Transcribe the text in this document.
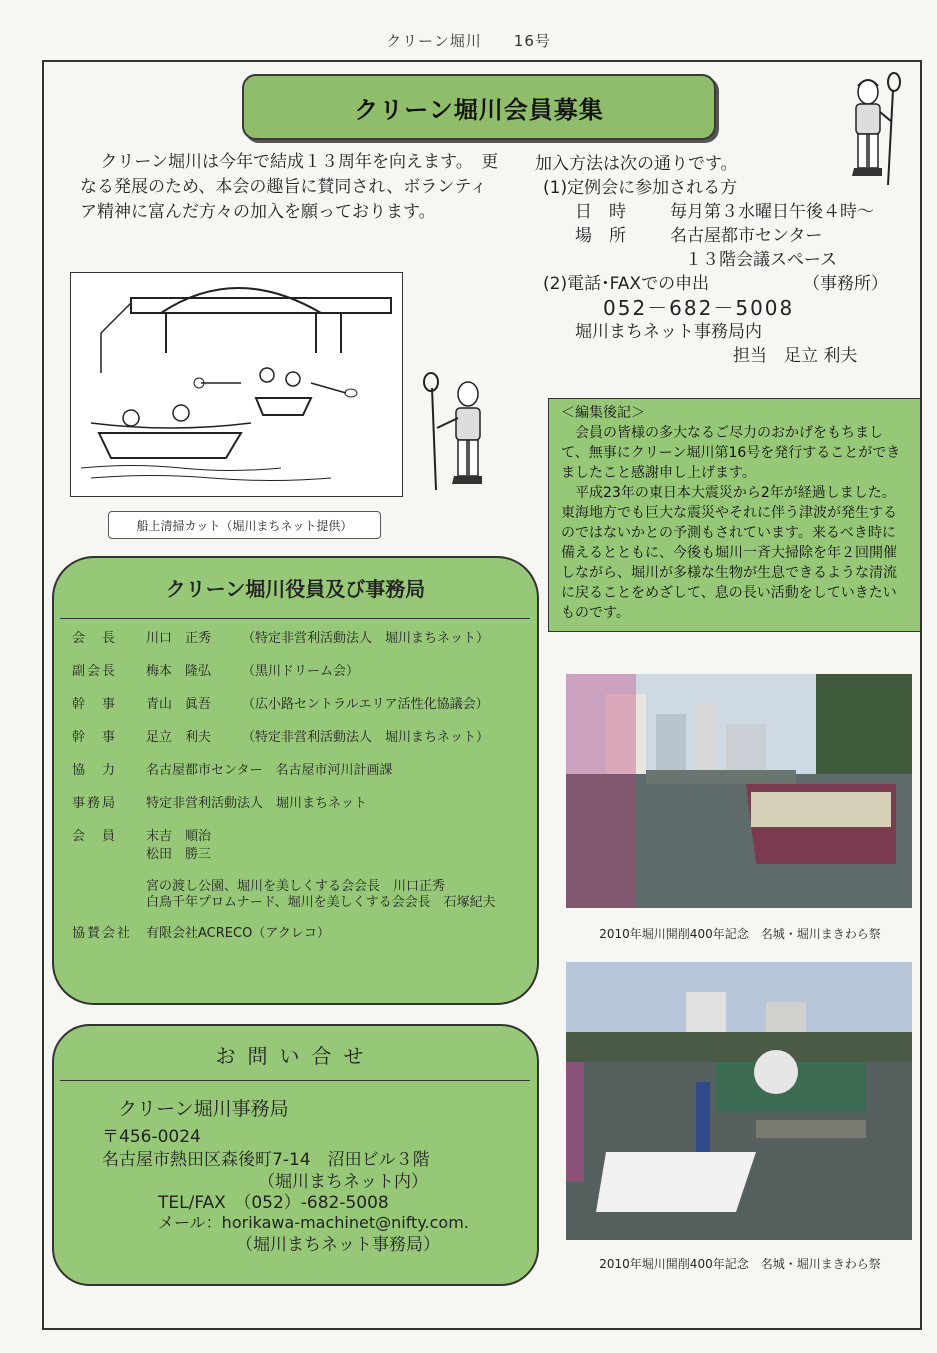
クリーン堀川　　16号
クリーン堀川会員募集
クリーン堀川は今年で結成１３周年を向えます。　更なる発展のため、本会の趣旨に賛同され、ボランティア精神に富んだ方々の加入を願っております。
加入方法は次の通りです。
(1)定例会に参加される方
日　時	毎月第３水曜日午後４時～
場　所	名古屋都市センター
１３階会議スペース
(2)電話･FAXでの申出	（事務所）
052－682－5008
堀川まちネット事務局内
担当　足立 利夫
船上清掃カット（堀川まちネット提供）
＜編集後記＞

会員の皆様の多大なるご尽力のおかげをもちまして、無事にクリーン堀川第16号を発行することができましたこと感謝申し上げます。

平成23年の東日本大震災から2年が経過しました。東海地方でも巨大な震災やそれに伴う津波が発生するのではないかとの予測もされています。来るべき時に備えるとともに、今後も堀川一斉大掃除を年２回開催しながら、堀川が多様な生物が生息できるような清流に戻ることをめざして、息の長い活動をしていきたいものです。

クリーン堀川役員及び事務局
会　長 川口　正秀 （特定非営利活動法人　堀川まちネット）
副会長 梅本　隆弘 （黒川ドリーム会）
幹　事 青山　眞吾 （広小路セントラルエリア活性化協議会）
幹　事 足立　利夫 （特定非営利活動法人　堀川まちネット）
協　力 名古屋都市センター　名古屋市河川計画課
事務局 特定非営利活動法人　堀川まちネット
会　員 末吉　順治
松田　勝三
宮の渡し公園、堀川を美しくする会会長　川口正秀
白鳥千年プロムナード、堀川を美しくする会会長　石塚紀夫
協賛会社 有限会社ACRECO（アクレコ）
お問い合せ
クリーン堀川事務局
〒456-0024
名古屋市熱田区森後町7-14　沼田ビル３階
（堀川まちネット内）
TEL/FAX　（052）-682-5008
メール：horikawa-machinet@nifty.com.
（堀川まちネット事務局）
2010年堀川開削400年記念　名城・堀川まきわら祭
2010年堀川開削400年記念　名城・堀川まきわら祭
